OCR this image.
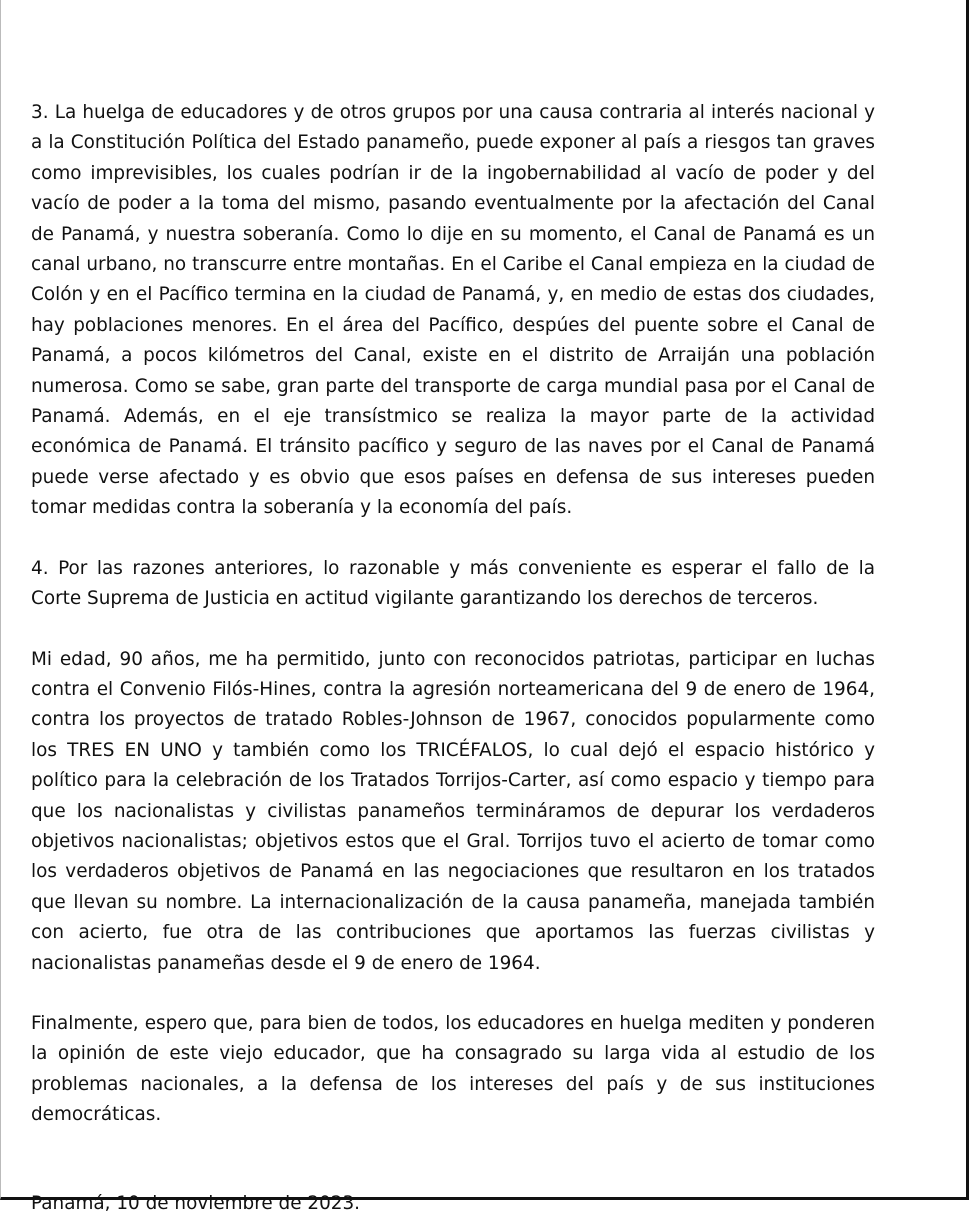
3. La huelga de educadores y de otros grupos por una causa contraria al interés nacional y a la Constitución Política del Estado panameño, puede exponer al país a riesgos tan graves como imprevisibles, los cuales podrían ir de la ingobernabilidad al vacío de poder y del vacío de poder a la toma del mismo, pasando eventualmente por la afectación del Canal de Panamá, y nuestra soberanía. Como lo dije en su momento, el Canal de Panamá es un canal urbano, no transcurre entre montañas. En el Caribe el Canal empieza en la ciudad de Colón y en el Pacífico termina en la ciudad de Panamá, y, en medio de estas dos ciudades, hay poblaciones menores. En el área del Pacífico, despúes del puente sobre el Canal de Panamá, a pocos kilómetros del Canal, existe en el distrito de Arraiján una población numerosa. Como se sabe, gran parte del transporte de carga mundial pasa por el Canal de Panamá. Además, en el eje transístmico se realiza la mayor parte de la actividad económica de Panamá. El tránsito pacífico y seguro de las naves por el Canal de Panamá puede verse afectado y es obvio que esos países en defensa de sus intereses pueden tomar medidas contra la soberanía y la economía del país.

4. Por las razones anteriores, lo razonable y más conveniente es esperar el fallo de la Corte Suprema de Justicia en actitud vigilante garantizando los derechos de terceros.

Mi edad, 90 años, me ha permitido, junto con reconocidos patriotas, participar en luchas contra el Convenio Filós-Hines, contra la agresión norteamericana del 9 de enero de 1964, contra los proyectos de tratado Robles-Johnson de 1967, conocidos popularmente como los TRES EN UNO y también como los TRICÉFALOS, lo cual dejó el espacio histórico y político para la celebración de los Tratados Torrijos-Carter, así como espacio y tiempo para que los nacionalistas y civilistas panameños termináramos de depurar los verdaderos objetivos nacionalistas; objetivos estos que el Gral. Torrijos tuvo el acierto de tomar como los verdaderos objetivos de Panamá en las negociaciones que resultaron en los tratados que llevan su nombre. La internacionalización de la causa panameña, manejada también con acierto, fue otra de las contribuciones que aportamos las fuerzas civilistas y nacionalistas panameñas desde el 9 de enero de 1964.

Finalmente, espero que, para bien de todos, los educadores en huelga mediten y ponderen la opinión de este viejo educador, que ha consagrado su larga vida al estudio de los problemas nacionales, a la defensa de los intereses del país y de sus instituciones democráticas.

Panamá, 10 de noviembre de 2023.
